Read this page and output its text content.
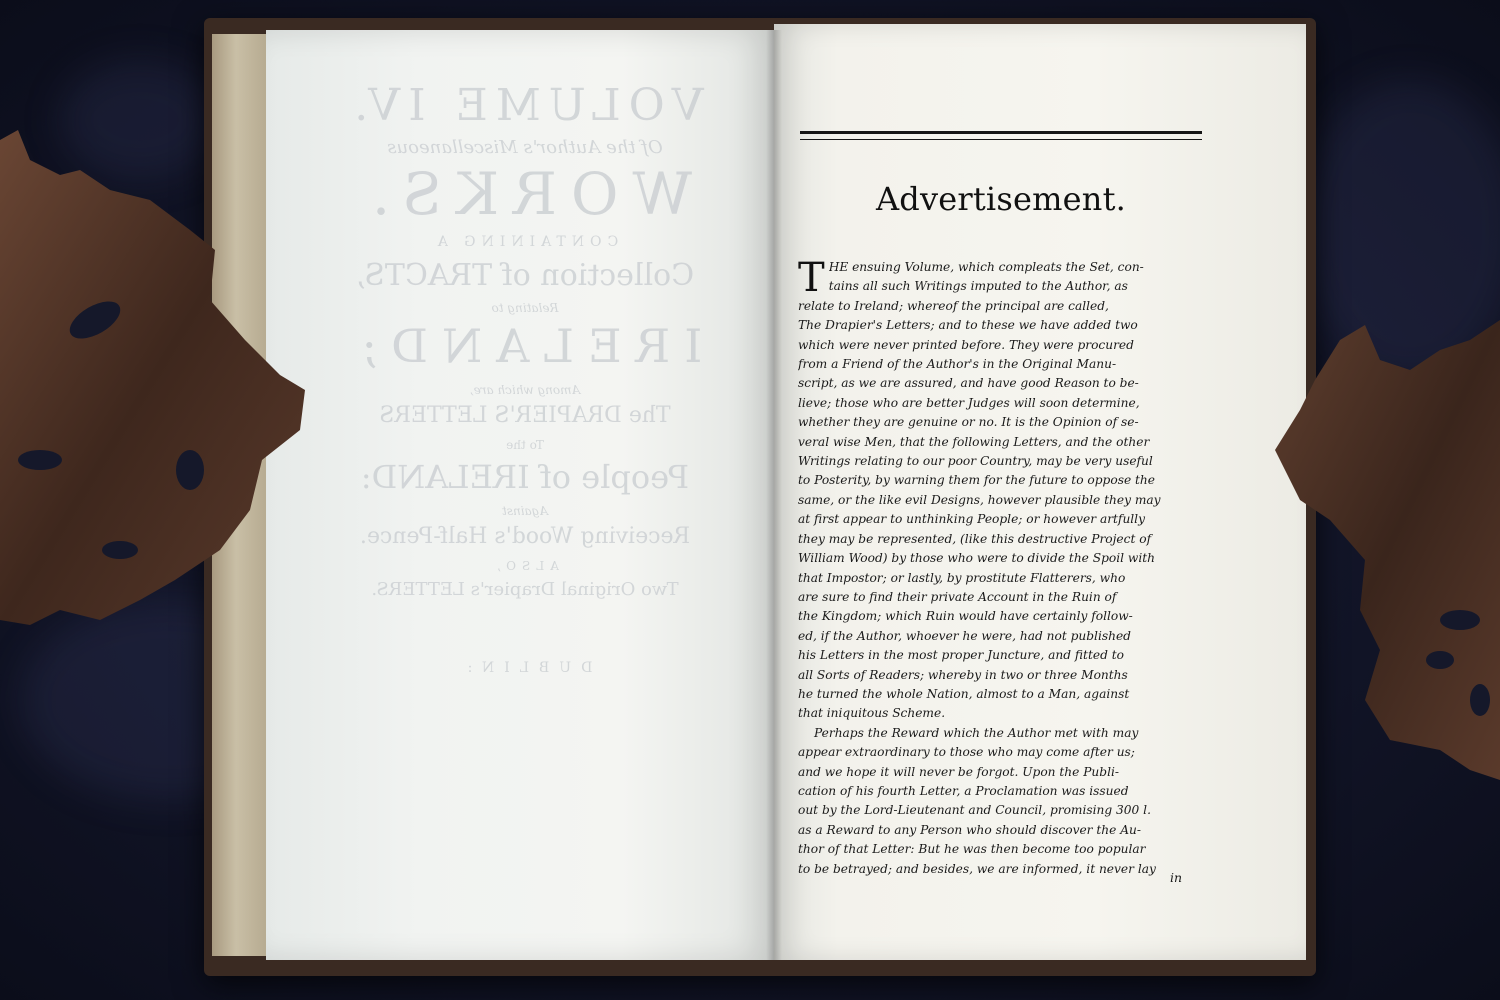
VOLUME IV.
Of the Author's Miscellaneous
WORKS.
CONTAINING A
Collection of TRACTS,
Relating to
IRELAND;
Among which are,
The DRAPIER'S LETTERS
To the
People of IRELAND:
Against
Receiving Wood's Half-Pence.
ALSO,
Two Original Drapier's LETTERS.
DUBLIN:
Advertisement.
T HE ensuing Volume, which compleats the Set, con-
tains all such Writings imputed to the Author, as
relate to Ireland; whereof the principal are called,
The Drapier's Letters; and to these we have added two
which were never printed before. They were procured
from a Friend of the Author's in the Original Manu-
script, as we are assured, and have good Reason to be-
lieve; those who are better Judges will soon determine,
whether they are genuine or no. It is the Opinion of se-
veral wise Men, that the following Letters, and the other
Writings relating to our poor Country, may be very useful
to Posterity, by warning them for the future to oppose the
same, or the like evil Designs, however plausible they may
at first appear to unthinking People; or however artfully
they may be represented, (like this destructive Project of
William Wood) by those who were to divide the Spoil with
that Impostor; or lastly, by prostitute Flatterers, who
are sure to find their private Account in the Ruin of
the Kingdom; which Ruin would have certainly follow-
ed, if the Author, whoever he were, had not published
his Letters in the most proper Juncture, and fitted to
all Sorts of Readers; whereby in two or three Months
he turned the whole Nation, almost to a Man, against
that iniquitous Scheme.
Perhaps the Reward which the Author met with may
appear extraordinary to those who may come after us;
and we hope it will never be forgot. Upon the Publi-
cation of his fourth Letter, a Proclamation was issued
out by the Lord-Lieutenant and Council, promising 300 l.
as a Reward to any Person who should discover the Au-
thor of that Letter: But he was then become too popular
to be betrayed; and besides, we are informed, it never lay
in
